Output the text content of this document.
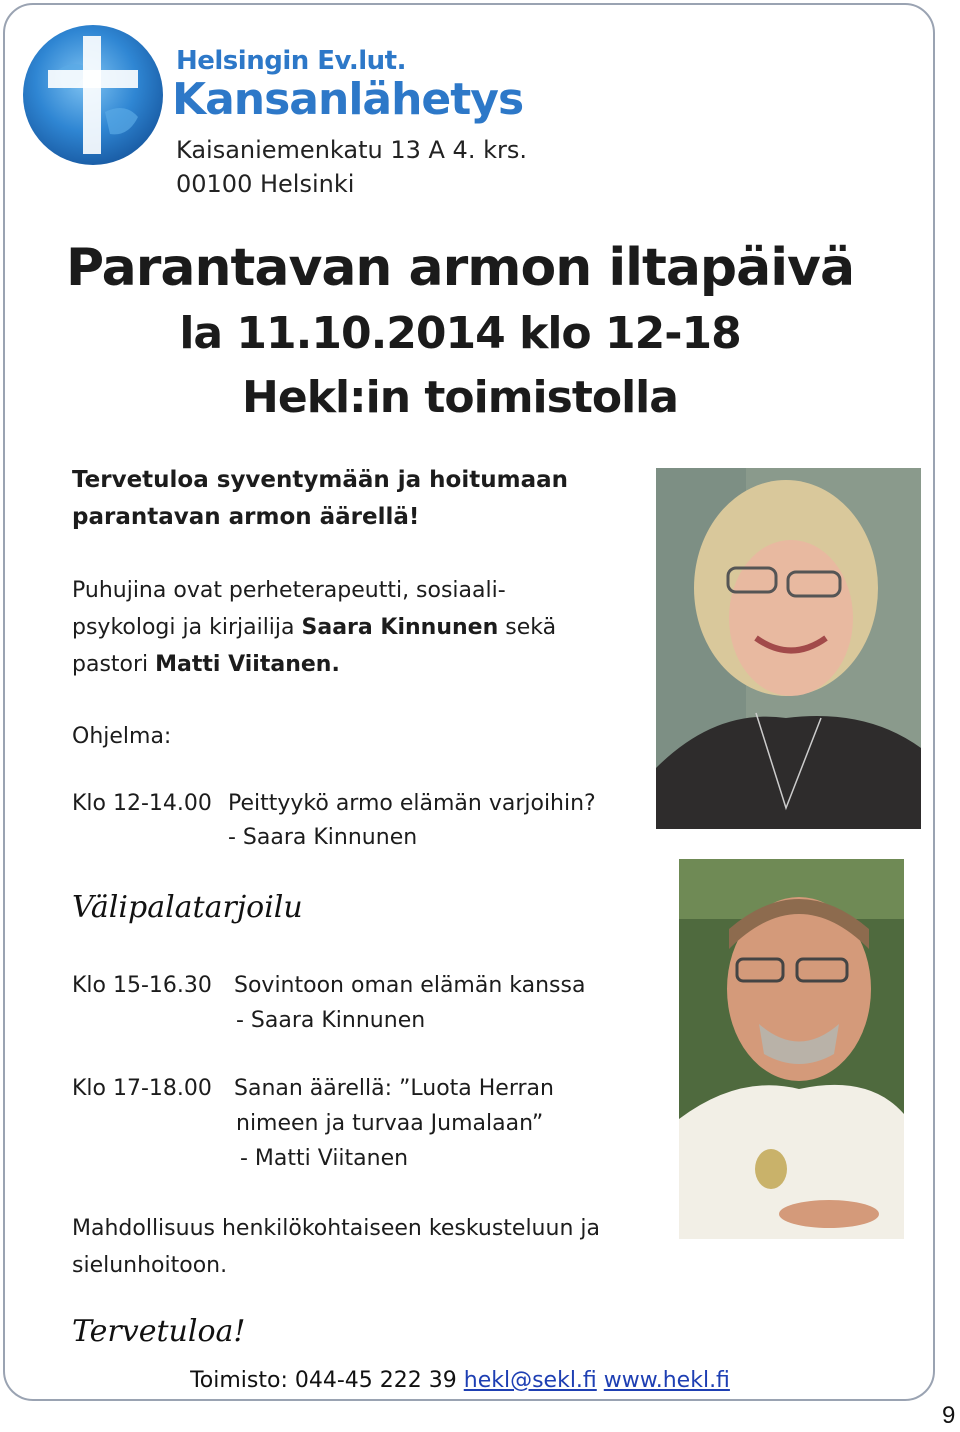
Helsingin Ev.lut.
Kansanlähetys
Kaisaniemenkatu 13 A 4. krs.
00100 Helsinki
Parantavan armon iltapäivä
la 11.10.2014 klo 12-18
Hekl:in toimistolla
Tervetuloa syventymään ja hoitumaan
parantavan armon äärellä!
Puhujina ovat perheterapeutti, sosiaali-
psykologi ja kirjailija Saara Kinnunen sekä
pastori Matti Viitanen.
Ohjelma:
Klo 12-14.00 Peittyykö armo elämän varjoihin?
- Saara Kinnunen
Välipalatarjoilu
Klo 15-16.30 Sovintoon oman elämän kanssa
- Saara Kinnunen
Klo 17-18.00 Sanan äärellä: ”Luota Herran
nimeen ja turvaa Jumalaan”
- Matti Viitanen
Mahdollisuus henkilökohtaiseen keskusteluun ja
sielunhoitoon.
Tervetuloa!
Toimisto: 044-45 222 39 hekl@sekl.fi www.hekl.fi
9
